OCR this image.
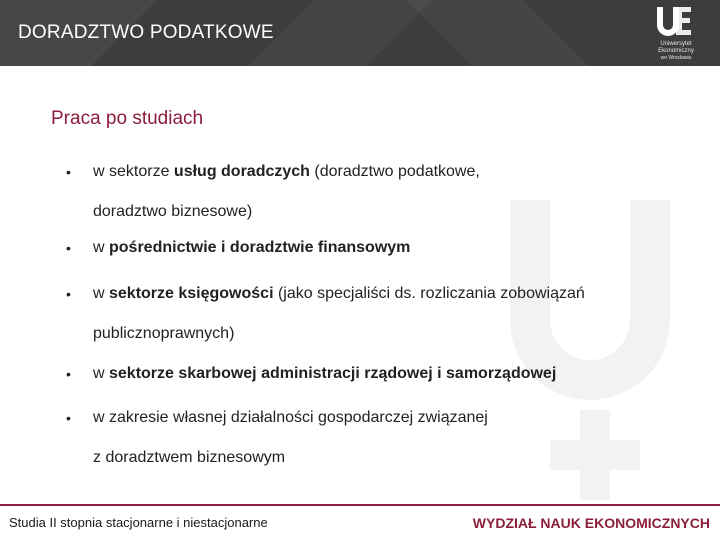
DORADZTWO PODATKOWE
Uniwersytet
Ekonomiczny
we Wrocławiu
Praca po studiach
•	w sektorze usług doradczych (doradztwo podatkowe,
doradztwo biznesowe)
•	w pośrednictwie i doradztwie finansowym
•	w sektorze księgowości (jako specjaliści ds. rozliczania zobowiązań
publicznoprawnych)
•	w sektorze skarbowej administracji rządowej i samorządowej
•	w zakresie własnej działalności gospodarczej związanej
z doradztwem biznesowym
Studia II stopnia stacjonarne i niestacjonarne	WYDZIAŁ NAUK EKONOMICZNYCH
